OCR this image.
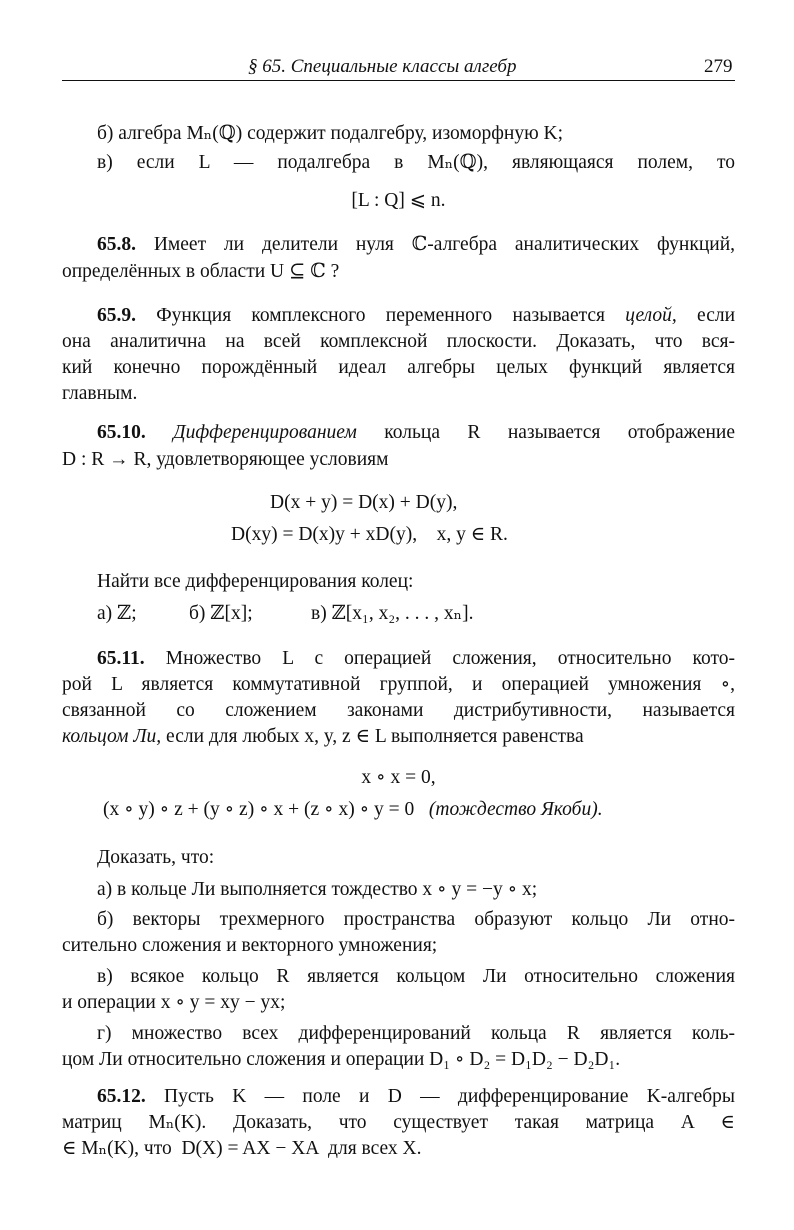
§ 65. Специальные классы алгебр	279
б) алгебра Mₙ(ℚ) содержит подалгебру, изоморфную K;
в) если L — подалгебра в Mₙ(ℚ), являющаяся полем, то
[L : Q] ⩽ n.
65.8. Имеет ли делители нуля ℂ-алгебра аналитических функций,
определённых в области U ⊆ ℂ ?
65.9. Функция комплексного переменного называется целой, если
она аналитична на всей комплексной плоскости. Доказать, что вся-
кий конечно порождённый идеал алгебры целых функций является
главным.
65.10. Дифференцированием кольца R называется отображение
D : R → R, удовлетворяющее условиям
D(x + y) = D(x) + D(y),
D(xy) = D(x)y + xD(y),    x, y ∈ R.
Найти все дифференцирования колец:
а) ℤ;	б) ℤ[x];	в) ℤ[x₁, x₂, . . . , xₙ].
65.11. Множество L с операцией сложения, относительно кото-
рой L является коммутативной группой, и операцией умножения ∘,
связанной со сложением законами дистрибутивности, называется
кольцом Ли, если для любых x, y, z ∈ L выполняется равенства
x ∘ x = 0,
(x ∘ y) ∘ z + (y ∘ z) ∘ x + (z ∘ x) ∘ y = 0 (тождество Якоби).
Доказать, что:
а) в кольце Ли выполняется тождество x ∘ y = −y ∘ x;
б) векторы трехмерного пространства образуют кольцо Ли отно-
сительно сложения и векторного умножения;
в) всякое кольцо R является кольцом Ли относительно сложения
и операции x ∘ y = xy − yx;
г) множество всех дифференцирований кольца R является коль-
цом Ли относительно сложения и операции D₁ ∘ D₂ = D₁D₂ − D₂D₁.
65.12. Пусть K — поле и D — дифференцирование K-алгебры
матриц Mₙ(K). Доказать, что существует такая матрица A ∈
∈ Mₙ(K), что  D(X) = AX − XA  для всех X.
